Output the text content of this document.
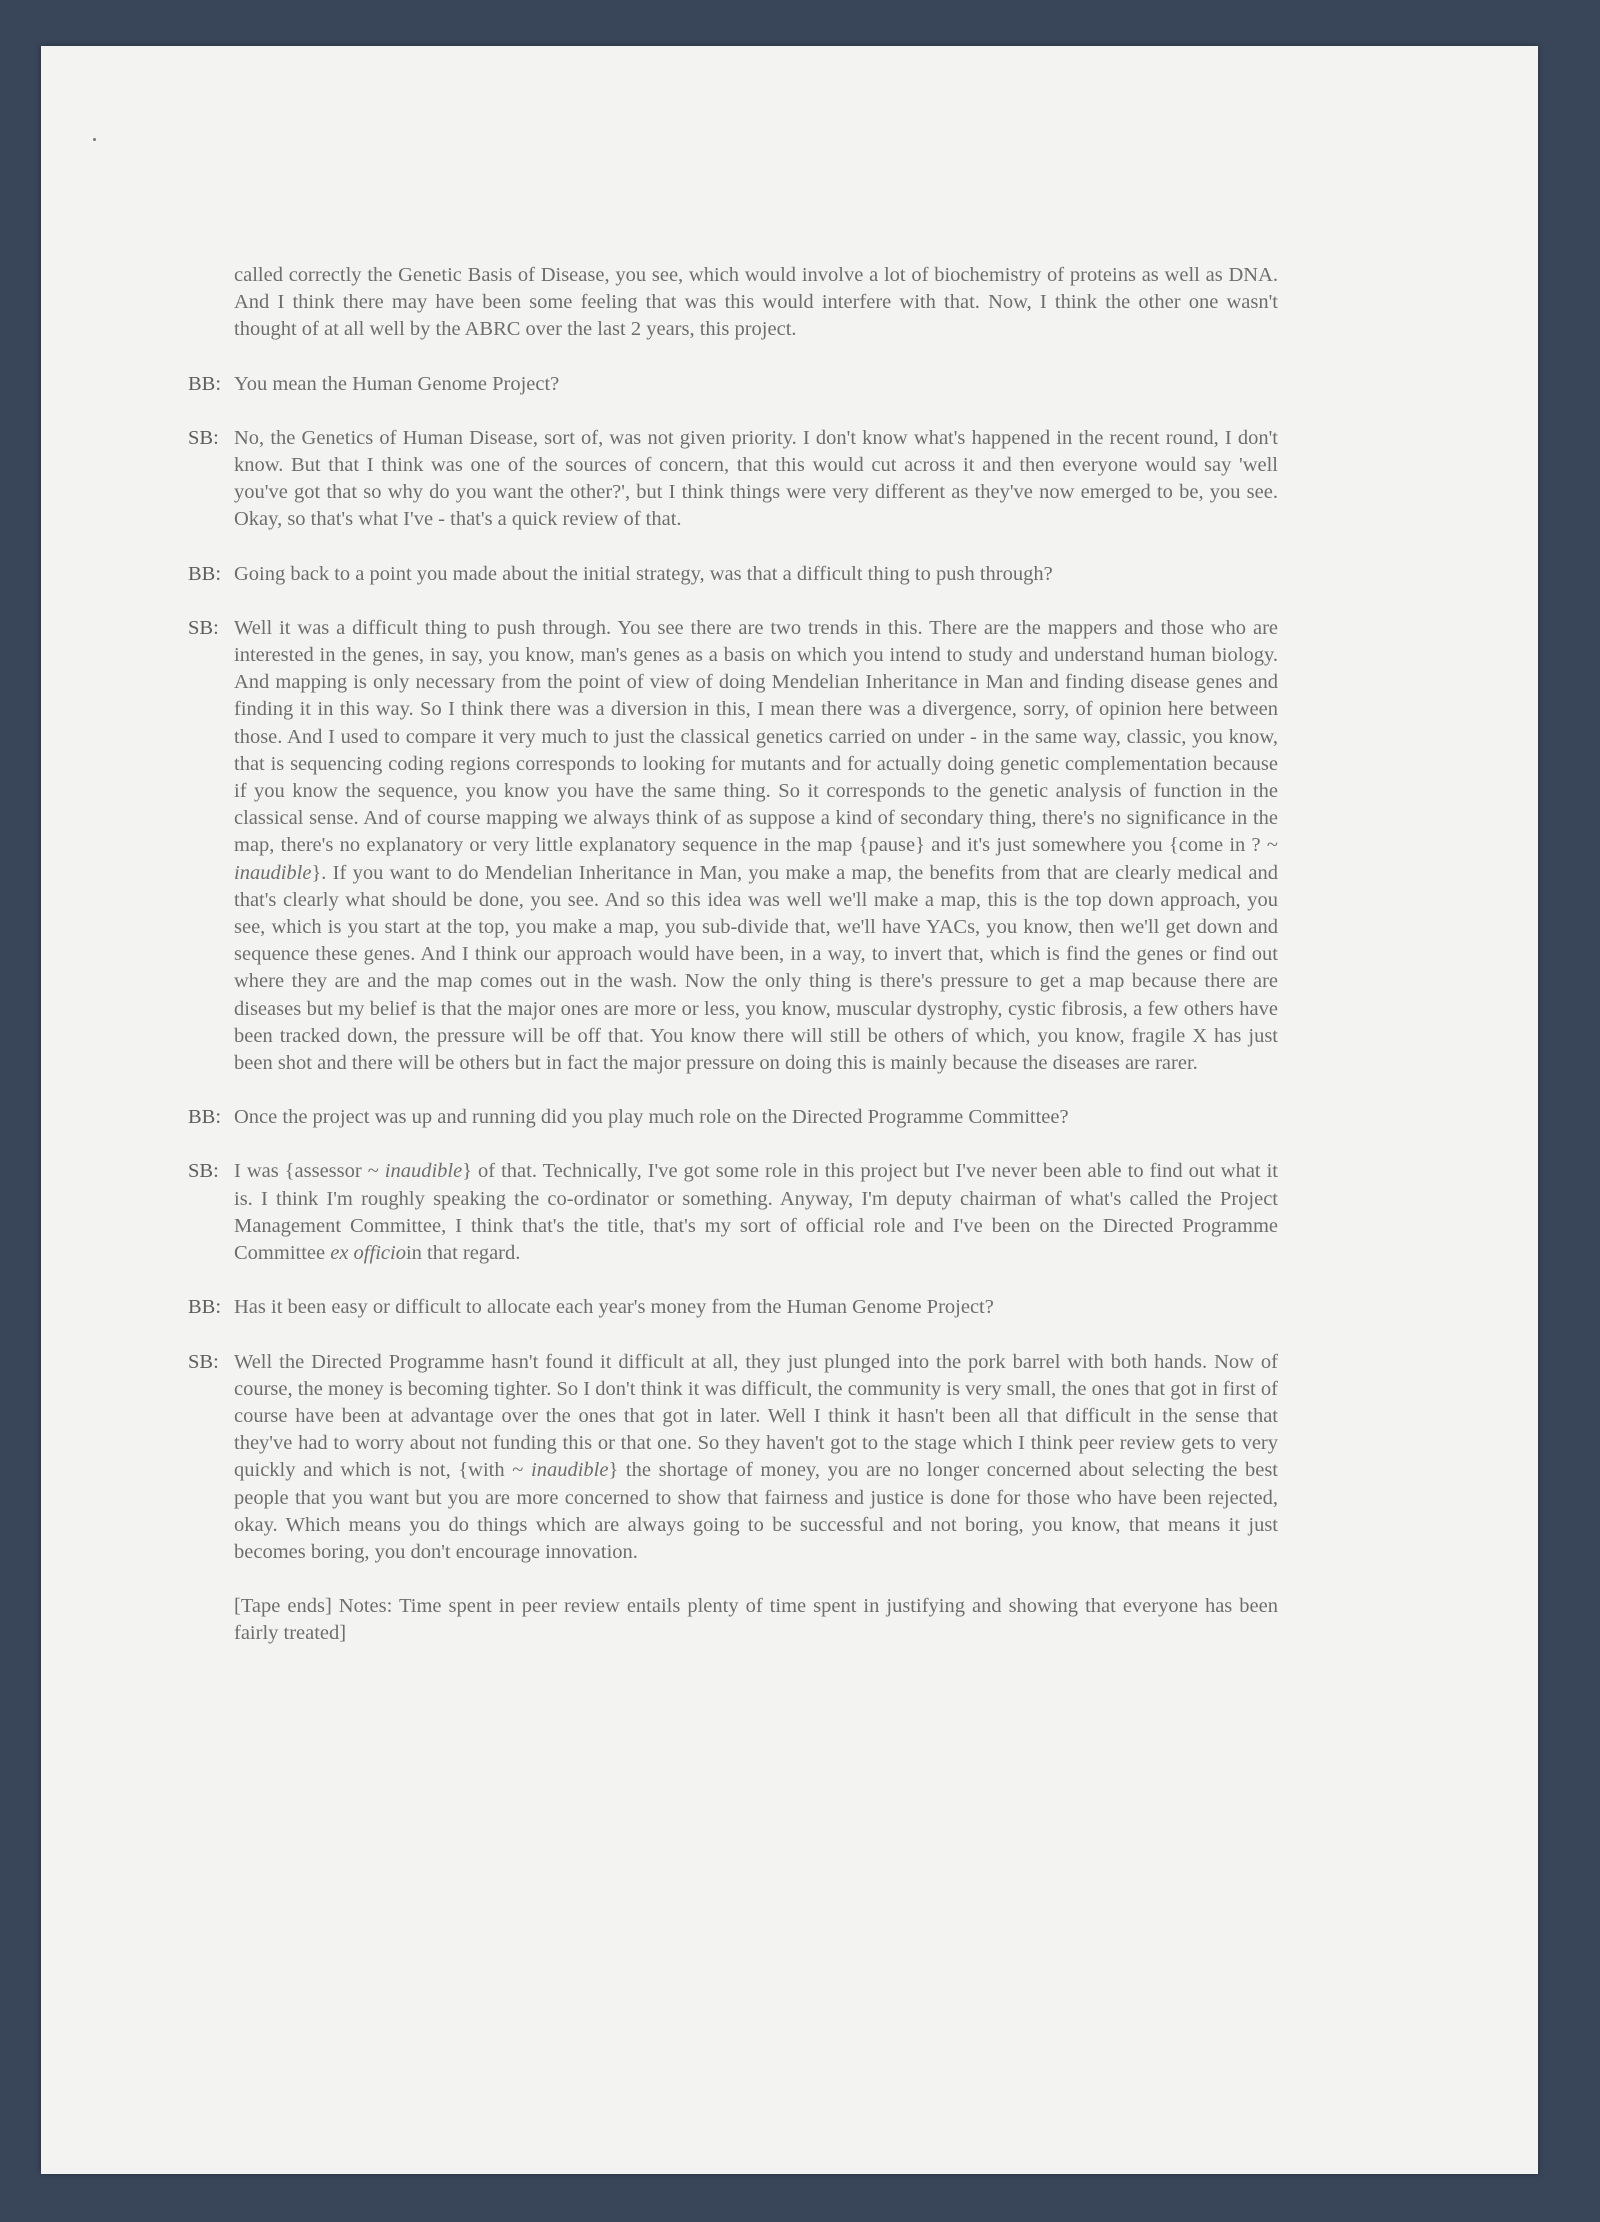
called correctly the Genetic Basis of Disease, you see, which would involve a lot of biochemistry of proteins as well as DNA. And I think there may have been some feeling that was this would interfere with that. Now, I think the other one wasn't thought of at all well by the ABRC over the last 2 years, this project.

BB: You mean the Human Genome Project?

SB: No, the Genetics of Human Disease, sort of, was not given priority. I don't know what's happened in the recent round, I don't know. But that I think was one of the sources of concern, that this would cut across it and then everyone would say 'well you've got that so why do you want the other?', but I think things were very different as they've now emerged to be, you see. Okay, so that's what I've - that's a quick review of that.

BB: Going back to a point you made about the initial strategy, was that a difficult thing to push through?

SB: Well it was a difficult thing to push through. You see there are two trends in this. There are the mappers and those who are interested in the genes, in say, you know, man's genes as a basis on which you intend to study and understand human biology. And mapping is only necessary from the point of view of doing Mendelian Inheritance in Man and finding disease genes and finding it in this way. So I think there was a diversion in this, I mean there was a divergence, sorry, of opinion here between those. And I used to compare it very much to just the classical genetics carried on under - in the same way, classic, you know, that is sequencing coding regions corresponds to looking for mutants and for actually doing genetic complementation because if you know the sequence, you know you have the same thing. So it corresponds to the genetic analysis of function in the classical sense. And of course mapping we always think of as suppose a kind of secondary thing, there's no significance in the map, there's no explanatory or very little explanatory sequence in the map {pause} and it's just somewhere you {come in ? ~ inaudible}. If you want to do Mendelian Inheritance in Man, you make a map, the benefits from that are clearly medical and that's clearly what should be done, you see. And so this idea was well we'll make a map, this is the top down approach, you see, which is you start at the top, you make a map, you sub-divide that, we'll have YACs, you know, then we'll get down and sequence these genes. And I think our approach would have been, in a way, to invert that, which is find the genes or find out where they are and the map comes out in the wash. Now the only thing is there's pressure to get a map because there are diseases but my belief is that the major ones are more or less, you know, muscular dystrophy, cystic fibrosis, a few others have been tracked down, the pressure will be off that. You know there will still be others of which, you know, fragile X has just been shot and there will be others but in fact the major pressure on doing this is mainly because the diseases are rarer.

BB: Once the project was up and running did you play much role on the Directed Programme Committee?

SB: I was {assessor ~ inaudible} of that. Technically, I've got some role in this project but I've never been able to find out what it is. I think I'm roughly speaking the co-ordinator or something. Anyway, I'm deputy chairman of what's called the Project Management Committee, I think that's the title, that's my sort of official role and I've been on the Directed Programme Committee ex officioin that regard.

BB: Has it been easy or difficult to allocate each year's money from the Human Genome Project?

SB: Well the Directed Programme hasn't found it difficult at all, they just plunged into the pork barrel with both hands. Now of course, the money is becoming tighter. So I don't think it was difficult, the community is very small, the ones that got in first of course have been at advantage over the ones that got in later. Well I think it hasn't been all that difficult in the sense that they've had to worry about not funding this or that one. So they haven't got to the stage which I think peer review gets to very quickly and which is not, {with ~ inaudible} the shortage of money, you are no longer concerned about selecting the best people that you want but you are more concerned to show that fairness and justice is done for those who have been rejected, okay. Which means you do things which are always going to be successful and not boring, you know, that means it just becomes boring, you don't encourage innovation.

[Tape ends] Notes: Time spent in peer review entails plenty of time spent in justifying and showing that everyone has been fairly treated]
